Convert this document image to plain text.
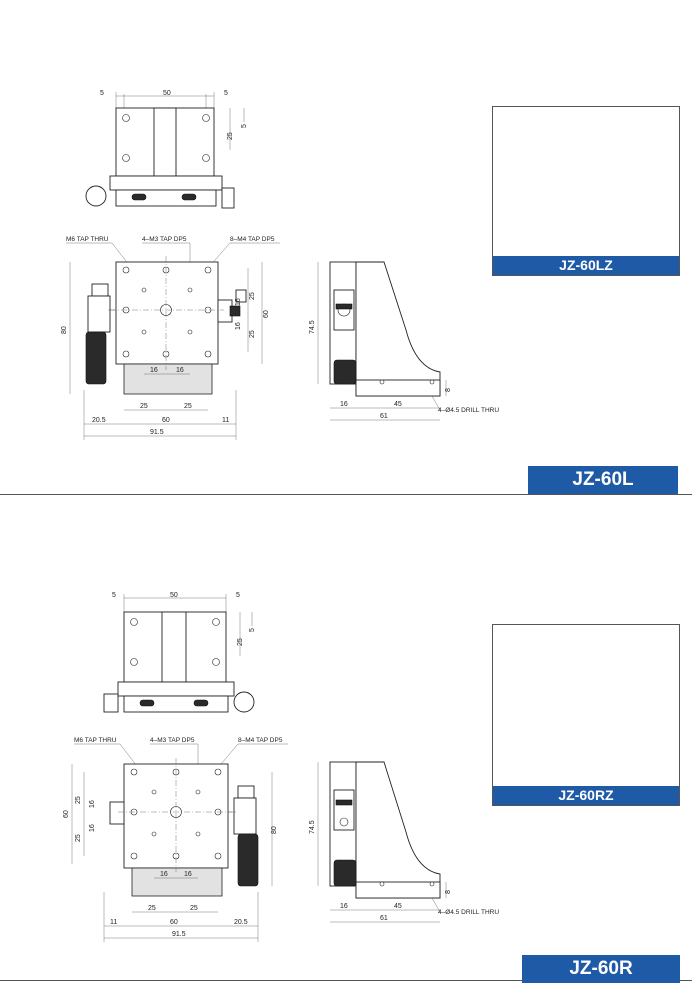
5	50	5
25
5
M6 TAP THRU	4–M3 TAP DP5	8–M4 TAP DP5
80
25
16
16
25
60
16	16
25	25
20.5	60	11
91.5
74.5
8
16	45
61
4–Ø4.5 DRILL THRU
5	50	5
25
5
M6 TAP THRU	4–M3 TAP DP5	8–M4 TAP DP5
60
25
16
16
25
80
16 16
25	25
11	60	20.5
91.5
74.5
8
16	45
61
4–Ø4.5 DRILL THRU
JZ-60LZ
JZ-60L
JZ-60RZ
JZ-60R
